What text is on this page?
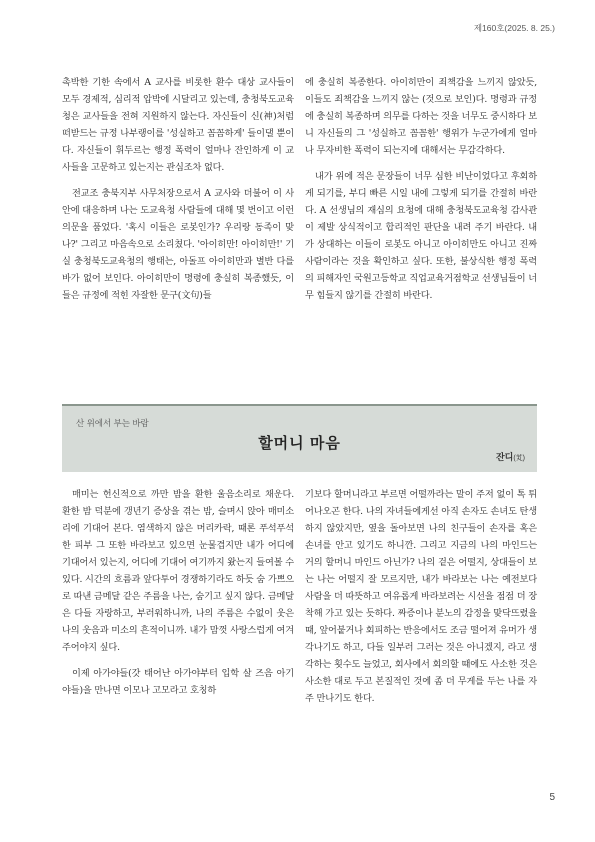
제160호(2025. 8. 25.)

촉박한 기한 속에서 A 교사를 비롯한 환수 대상 교사들이 모두 경제적, 심리적 압박에 시달리고 있는데, 충청북도교육청은 교사들을 전혀 지원하지 않는다. 자신들이 신(神)처럼 떠받드는 규정 나부랭이를 '성실하고 꼼꼼하게' 들이댈 뿐이다. 자신들이 휘두르는 행정 폭력이 얼마나 잔인하게 이 교사들을 고문하고 있는지는 관심조차 없다.

전교조 충북지부 사무처장으로서 A 교사와 더불어 이 사안에 대응하며 나는 도교육청 사람들에 대해 몇 번이고 이런 의문을 품었다. '혹시 이들은 로봇인가? 우리랑 동족이 맞나?' 그리고 마음속으로 소리쳤다. '아이히만! 아이히만!' 기실 충청북도교육청의 행태는, 아돌프 아이히만과 별반 다를 바가 없어 보인다. 아이히만이 명령에 충실히 복종했듯, 이들은 규정에 적힌 자잘한 문구(文句)들

에 충실히 복종한다. 아이히만이 죄책감을 느끼지 않았듯, 이들도 죄책감을 느끼지 않는 (것으로 보인)다. 명령과 규정에 충실히 복종하며 의무를 다하는 것을 너무도 중시하다 보니 자신들의 그 '성실하고 꼼꼼한' 행위가 누군가에게 얼마나 무자비한 폭력이 되는지에 대해서는 무감각하다.

내가 위에 적은 문장들이 너무 심한 비난이었다고 후회하게 되기를, 부디 빠른 시일 내에 그렇게 되기를 간절히 바란다. A 선생님의 재심의 요청에 대해 충청북도교육청 감사관이 제발 상식적이고 합리적인 판단을 내려 주기 바란다. 내가 상대하는 이들이 로봇도 아니고 아이히만도 아니고 진짜 사람이라는 것을 확인하고 싶다. 또한, 불상식한 행정 폭력의 피해자인 국원고등학교 직업교육거점학교 선생님들이 너무 힘들지 않기를 간절히 바란다.

산 위에서 부는 바람
할머니 마음
잔디(芄)

매미는 헌신적으로 까만 밤을 환한 울음소리로 채운다. 환한 밤 덕분에 갱년기 증상을 겪는 밤, 슬며시 앉아 매미소리에 기대어 본다. 염색하지 않은 머리카락, 때론 푸석푸석한 피부 그 또한 바라보고 있으면 눈물겹지만 내가 어디에 기대어서 있는지, 어디에 기대어 여기까지 왔는지 들여볼 수 있다. 시간의 흐름과 앞다투어 경쟁하기라도 하듯 숨 가쁘으로 따낸 금메달 같은 주름을 나는, 숨기고 싶지 않다. 금메달은 다들 자랑하고, 부러워하니까, 나의 주름은 수없이 웃은 나의 웃음과 미소의 흔적이니까. 내가 맘껏 사랑스럽게 여겨주어야지 싶다.

이제 아가야들(갓 태어난 아가야부터 입학 살 즈음 아기야들)을 만나면 이모나 고모라고 호칭하

기보다 할머니라고 부르면 어떨까라는 말이 주저 없이 톡 튀어나오곤 한다. 나의 자녀들에게선 아직 손자도 손녀도 탄생하지 않았지만, 옆을 돌아보면 나의 친구들이 손자를 혹은 손녀를 안고 있기도 하니깐. 그리고 지금의 나의 마인드는 거의 할머니 마인드 아닌가? 나의 겉은 어떨지, 상대들이 보는 나는 어떨지 잘 모르지만, 내가 바라보는 나는 예전보다 사람을 더 따뜻하고 여유롭게 바라보려는 시선을 점점 더 장착해 가고 있는 듯하다. 짜증이나 분노의 감정을 맞닥뜨렸을 때, 앞어붙거나 회피하는 반응에서도 조금 떨어져 유머가 생각나기도 하고, 다들 일부러 그러는 것은 아니겠지, 라고 생각하는 횟수도 늘었고, 회사에서 회의할 때에도 사소한 것은 사소한 대로 두고 본질적인 것에 좀 더 무게를 두는 나를 자주 만나기도 한다.

5
